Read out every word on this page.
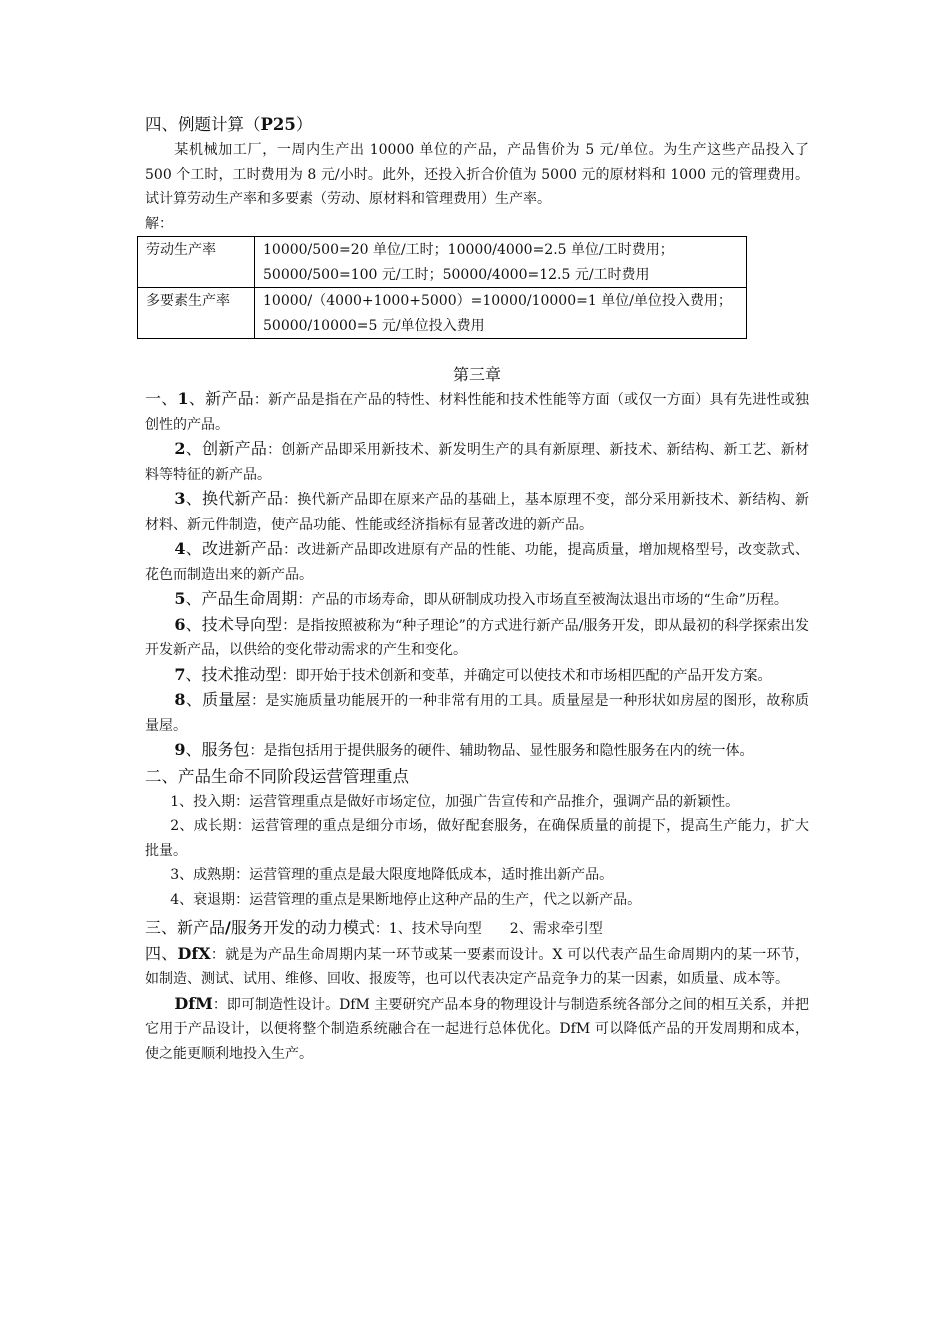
四、例题计算（P25）

某机械加工厂，一周内生产出 10000 单位的产品，产品售价为 5 元/单位。为生产这些产品投入了 500 个工时，工时费用为 8 元/小时。此外，还投入折合价值为 5000 元的原材料和 1000 元的管理费用。试计算劳动生产率和多要素（劳动、原材料和管理费用）生产率。

解：

劳动生产率	10000/500=20 单位/工时；10000/4000=2.5 单位/工时费用；
50000/500=100 元/工时；50000/4000=12.5 元/工时费用

多要素生产率	10000/（4000+1000+5000）=10000/10000=1 单位/单位投入费用；
50000/10000=5 元/单位投入费用
第三章

一、1、新产品：新产品是指在产品的特性、材料性能和技术性能等方面（或仅一方面）具有先进性或独创性的产品。

2、创新产品：创新产品即采用新技术、新发明生产的具有新原理、新技术、新结构、新工艺、新材料等特征的新产品。

3、换代新产品：换代新产品即在原来产品的基础上，基本原理不变，部分采用新技术、新结构、新材料、新元件制造，使产品功能、性能或经济指标有显著改进的新产品。

4、改进新产品：改进新产品即改进原有产品的性能、功能，提高质量，增加规格型号，改变款式、花色而制造出来的新产品。

5、产品生命周期：产品的市场寿命，即从研制成功投入市场直至被淘汰退出市场的“生命”历程。

6、技术导向型：是指按照被称为“种子理论”的方式进行新产品/服务开发，即从最初的科学探索出发开发新产品，以供给的变化带动需求的产生和变化。

7、技术推动型：即开始于技术创新和变革，并确定可以使技术和市场相匹配的产品开发方案。

8、质量屋：是实施质量功能展开的一种非常有用的工具。质量屋是一种形状如房屋的图形，故称质量屋。

9、服务包：是指包括用于提供服务的硬件、辅助物品、显性服务和隐性服务在内的统一体。

二、产品生命不同阶段运营管理重点

1、投入期：运营管理重点是做好市场定位，加强广告宣传和产品推介，强调产品的新颖性。

2、成长期：运营管理的重点是细分市场，做好配套服务，在确保质量的前提下，提高生产能力，扩大批量。

3、成熟期：运营管理的重点是最大限度地降低成本，适时推出新产品。

4、衰退期：运营管理的重点是果断地停止这种产品的生产，代之以新产品。

三、新产品/服务开发的动力模式：1、技术导向型　　2、需求牵引型

四、DfX：就是为产品生命周期内某一环节或某一要素而设计。X 可以代表产品生命周期内的某一环节，如制造、测试、试用、维修、回收、报废等，也可以代表决定产品竞争力的某一因素，如质量、成本等。

DfM：即可制造性设计。DfM 主要研究产品本身的物理设计与制造系统各部分之间的相互关系，并把它用于产品设计，以便将整个制造系统融合在一起进行总体优化。DfM 可以降低产品的开发周期和成本，使之能更顺利地投入生产。
